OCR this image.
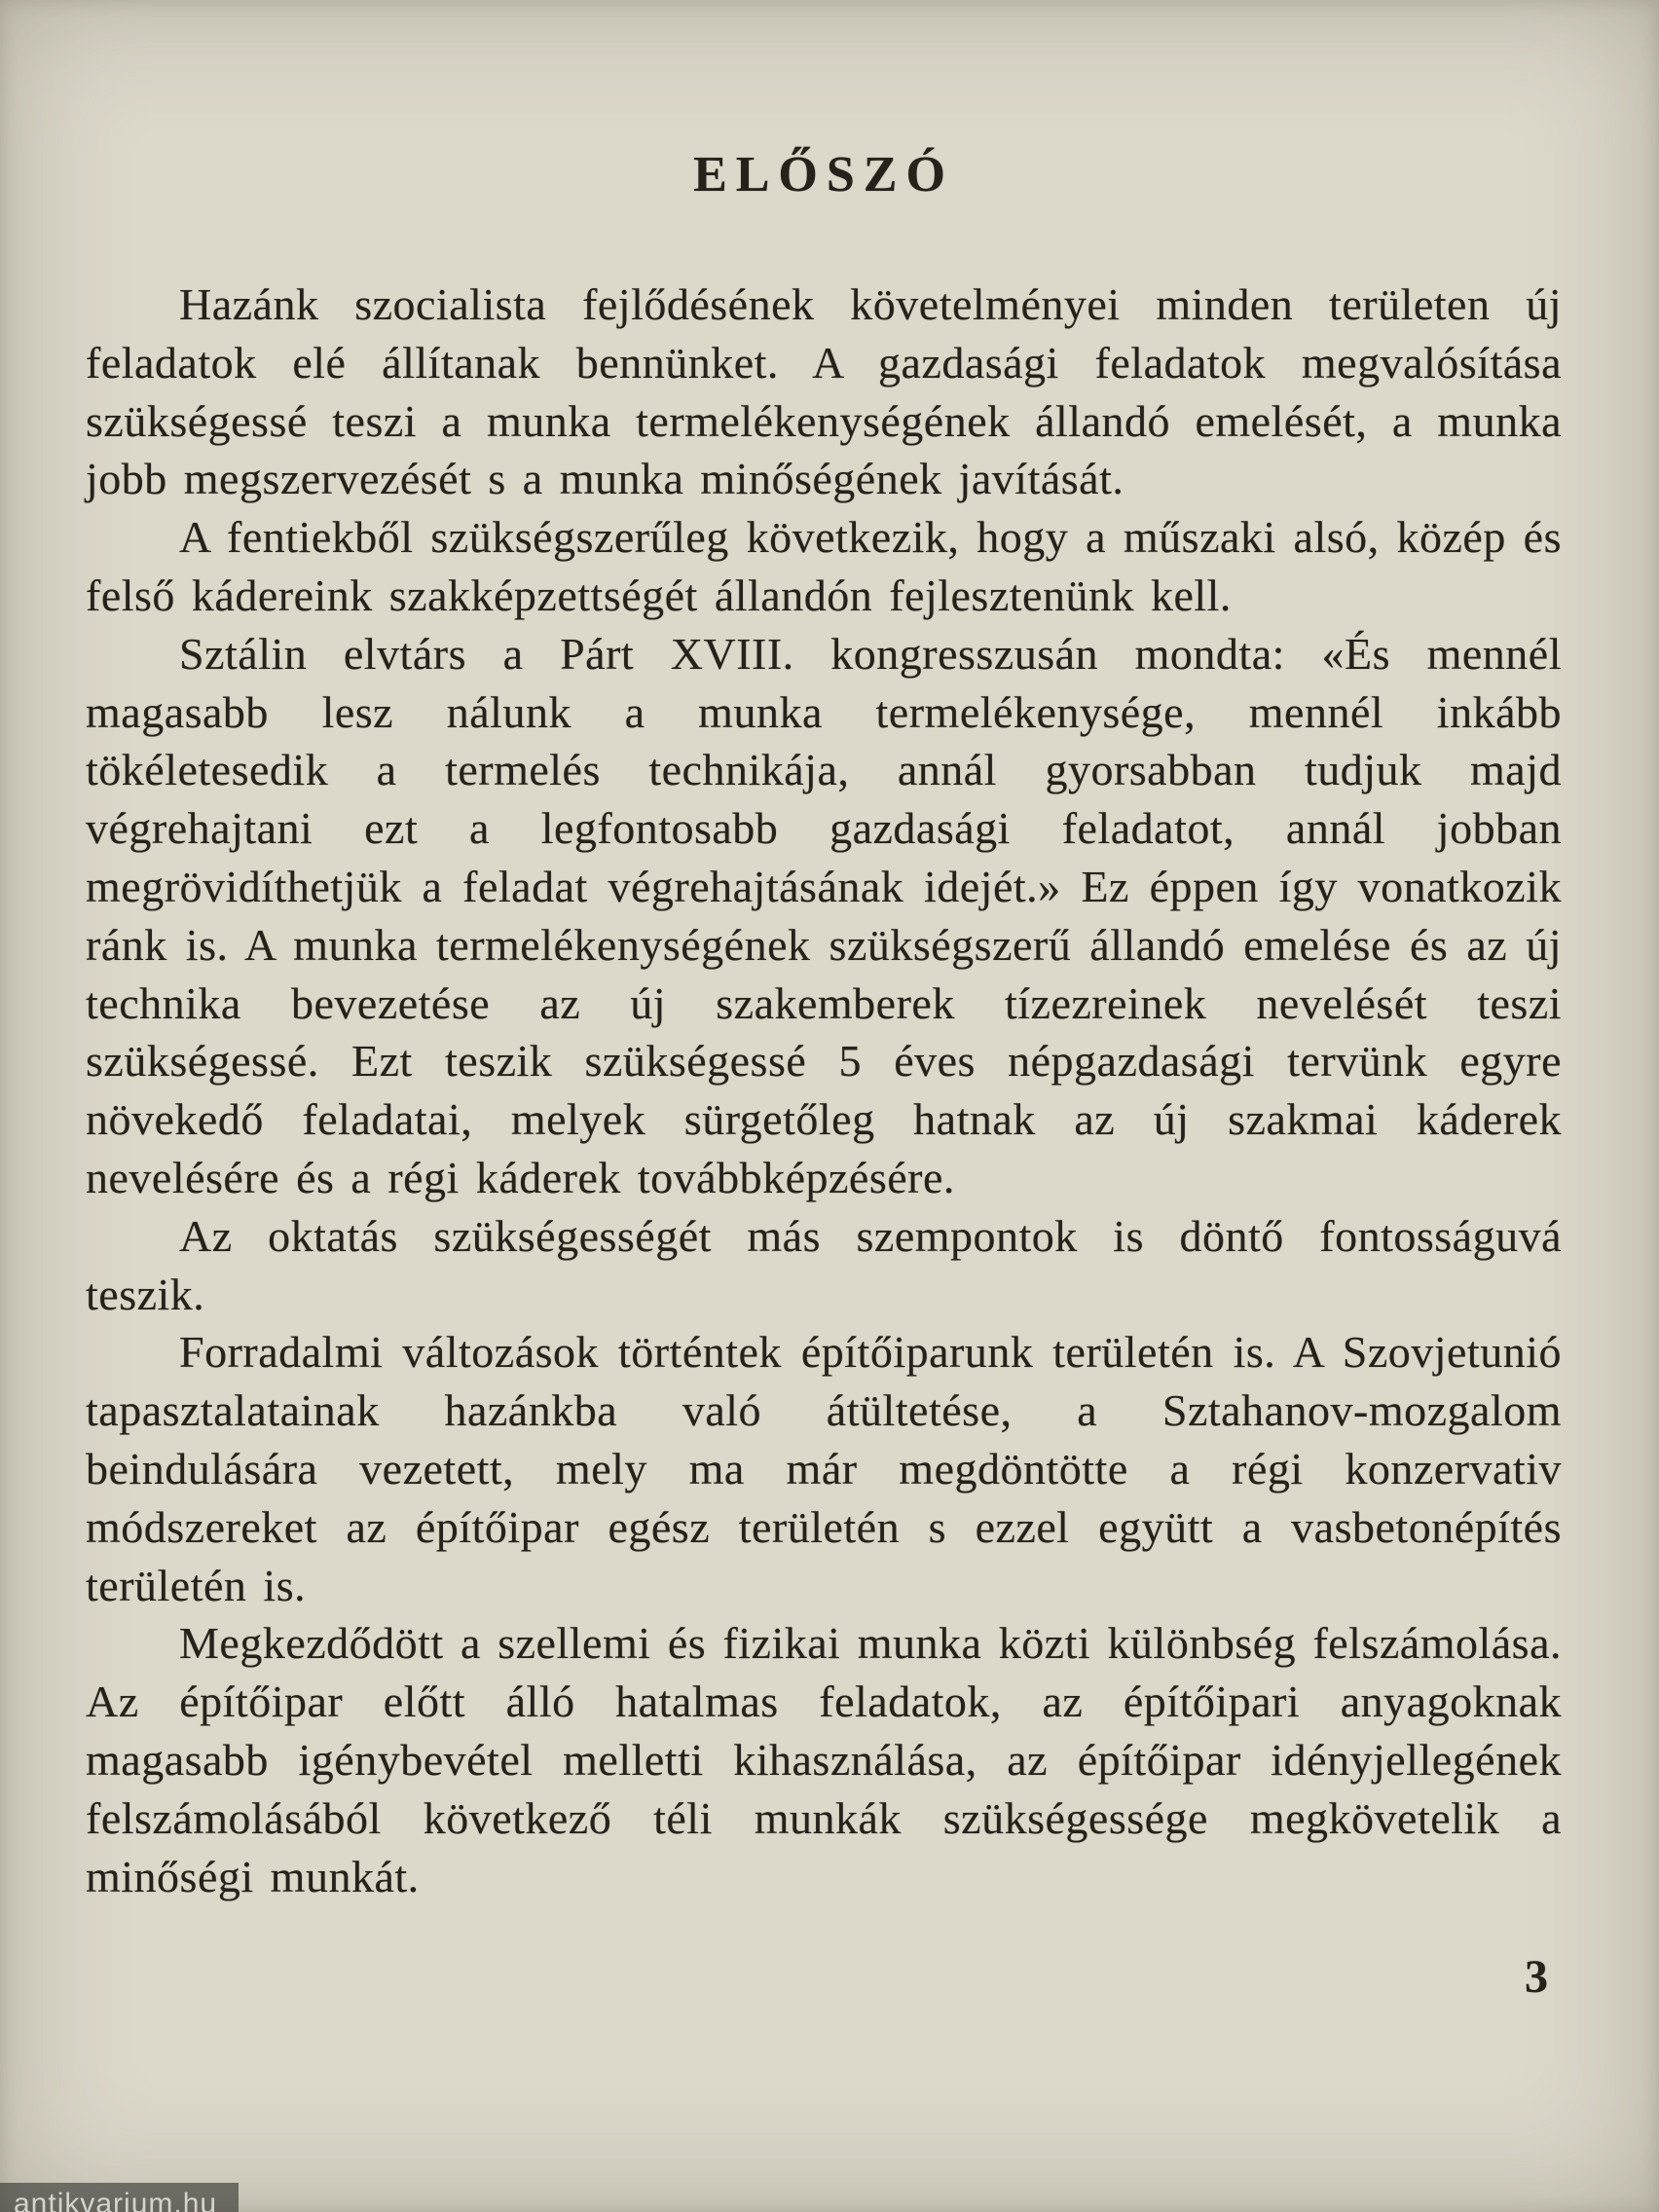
ELŐSZÓ

Hazánk szocialista fejlődésének követelményei minden területen új feladatok elé állítanak bennünket. A gazdasági feladatok megvalósítása szükségessé teszi a munka termelékenységének állandó emelését, a munka jobb megszervezését s a munka minőségének javítását.

A fentiekből szükségszerűleg következik, hogy a műszaki alsó, közép és felső kádereink szakképzettségét állandón fejlesztenünk kell.

Sztálin elvtárs a Párt XVIII. kongresszusán mondta: «És mennél magasabb lesz nálunk a munka termelékenysége, mennél inkább tökéletesedik a termelés technikája, annál gyorsabban tudjuk majd végrehajtani ezt a legfontosabb gazdasági feladatot, annál jobban megrövidíthetjük a feladat végrehajtásának idejét.» Ez éppen így vonatkozik ránk is. A munka termelékenységének szükségszerű állandó emelése és az új technika bevezetése az új szakemberek tízezreinek nevelését teszi szükségessé. Ezt teszik szükségessé 5 éves népgazdasági tervünk egyre növekedő feladatai, melyek sürgetőleg hatnak az új szakmai káderek nevelésére és a régi káderek továbbképzésére.

Az oktatás szükségességét más szempontok is döntő fontosságuvá teszik.

Forradalmi változások történtek építőiparunk területén is. A Szovjetunió tapasztalatainak hazánkba való átültetése, a Sztahanov-mozgalom beindulására vezetett, mely ma már megdöntötte a régi konzervativ módszereket az építőipar egész területén s ezzel együtt a vasbetonépítés területén is.

Megkezdődött a szellemi és fizikai munka közti különbség felszámolása. Az építőipar előtt álló hatalmas feladatok, az építőipari anyagoknak magasabb igénybevétel melletti kihasználása, az építőipar idényjellegének felszámolásából következő téli munkák szükségessége megkövetelik a minőségi munkát.

3
antikvarium.hu
